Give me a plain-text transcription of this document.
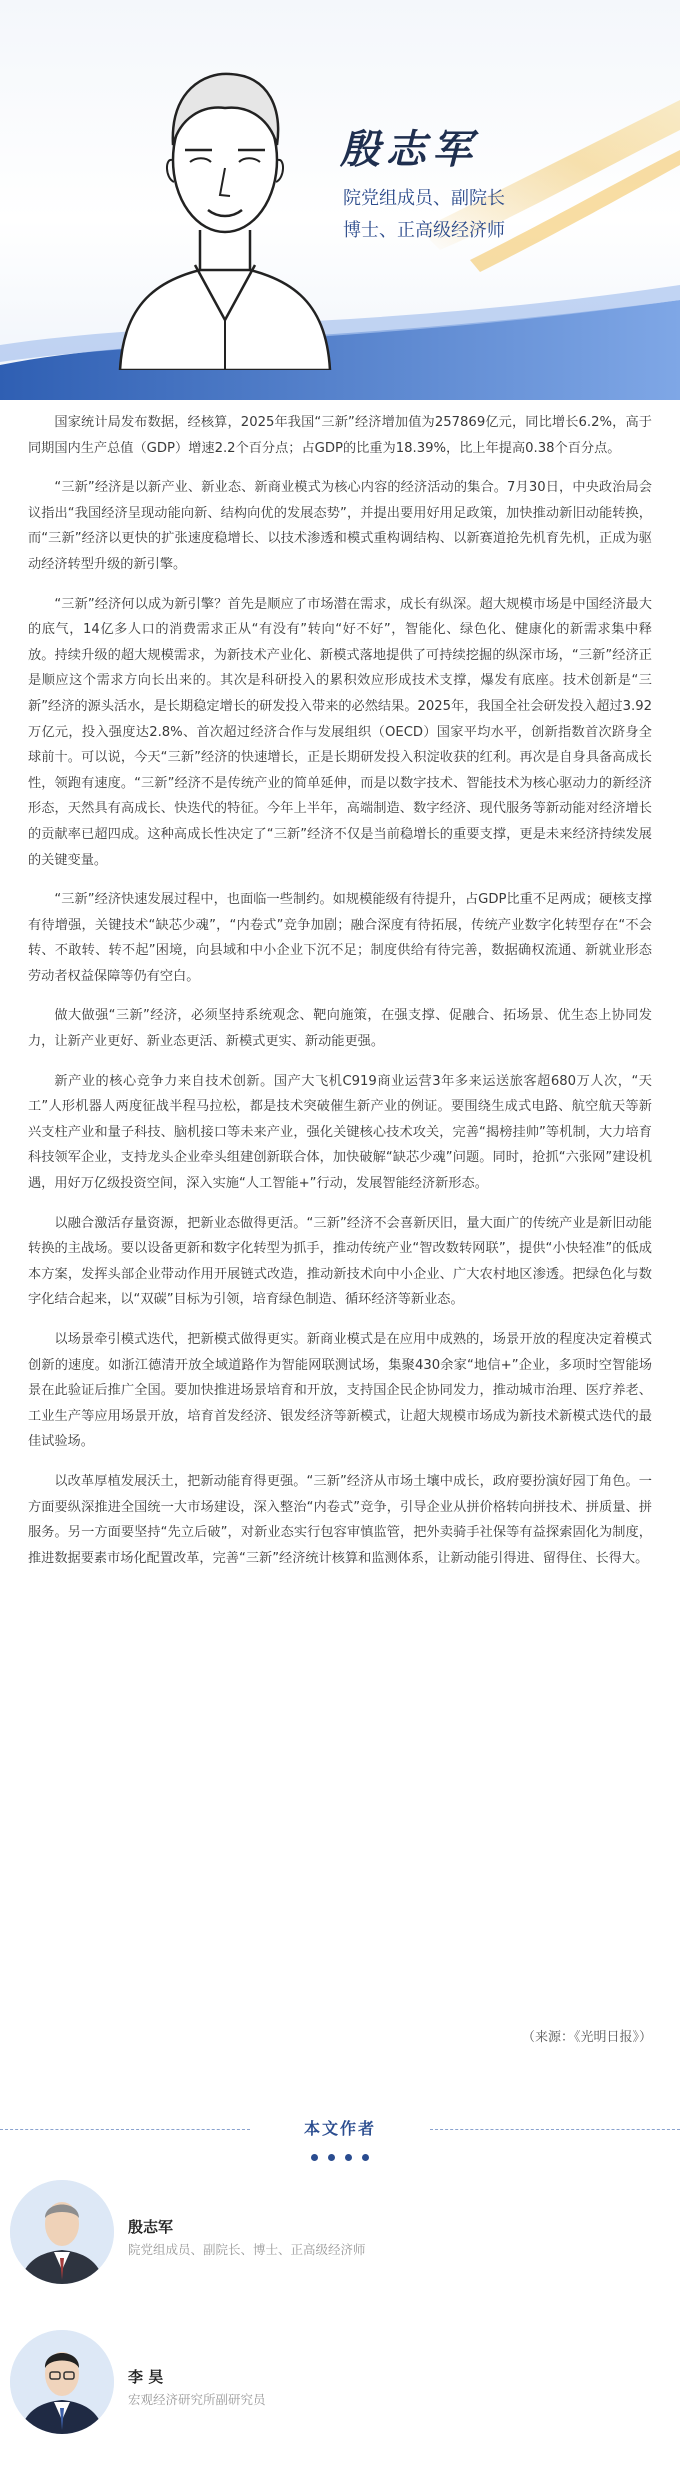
殷志军
院党组成员、副院长
博士、正高级经济师

国家统计局发布数据，经核算，2025年我国“三新”经济增加值为257869亿元，同比增长6.2%，高于同期国内生产总值（GDP）增速2.2个百分点；占GDP的比重为18.39%，比上年提高0.38个百分点。

“三新”经济是以新产业、新业态、新商业模式为核心内容的经济活动的集合。7月30日，中央政治局会议指出“我国经济呈现动能向新、结构向优的发展态势”，并提出要用好用足政策，加快推动新旧动能转换，而“三新”经济以更快的扩张速度稳增长、以技术渗透和模式重构调结构、以新赛道抢先机育先机，正成为驱动经济转型升级的新引擎。

“三新”经济何以成为新引擎？首先是顺应了市场潜在需求，成长有纵深。超大规模市场是中国经济最大的底气，14亿多人口的消费需求正从“有没有”转向“好不好”，智能化、绿色化、健康化的新需求集中释放。持续升级的超大规模需求，为新技术产业化、新模式落地提供了可持续挖掘的纵深市场，“三新”经济正是顺应这个需求方向长出来的。其次是科研投入的累积效应形成技术支撑，爆发有底座。技术创新是“三新”经济的源头活水，是长期稳定增长的研发投入带来的必然结果。2025年，我国全社会研发投入超过3.92万亿元，投入强度达2.8%、首次超过经济合作与发展组织（OECD）国家平均水平，创新指数首次跻身全球前十。可以说，今天“三新”经济的快速增长，正是长期研发投入积淀收获的红利。再次是自身具备高成长性，领跑有速度。“三新”经济不是传统产业的简单延伸，而是以数字技术、智能技术为核心驱动力的新经济形态，天然具有高成长、快迭代的特征。今年上半年，高端制造、数字经济、现代服务等新动能对经济增长的贡献率已超四成。这种高成长性决定了“三新”经济不仅是当前稳增长的重要支撑，更是未来经济持续发展的关键变量。

“三新”经济快速发展过程中，也面临一些制约。如规模能级有待提升，占GDP比重不足两成；硬核支撑有待增强，关键技术“缺芯少魂”，“内卷式”竞争加剧；融合深度有待拓展，传统产业数字化转型存在“不会转、不敢转、转不起”困境，向县域和中小企业下沉不足；制度供给有待完善，数据确权流通、新就业形态劳动者权益保障等仍有空白。

做大做强“三新”经济，必须坚持系统观念、靶向施策，在强支撑、促融合、拓场景、优生态上协同发力，让新产业更好、新业态更活、新模式更实、新动能更强。

新产业的核心竞争力来自技术创新。国产大飞机C919商业运营3年多来运送旅客超680万人次，“天工”人形机器人两度征战半程马拉松，都是技术突破催生新产业的例证。要围绕生成式电路、航空航天等新兴支柱产业和量子科技、脑机接口等未来产业，强化关键核心技术攻关，完善“揭榜挂帅”等机制，大力培育科技领军企业，支持龙头企业牵头组建创新联合体，加快破解“缺芯少魂”问题。同时，抢抓“六张网”建设机遇，用好万亿级投资空间，深入实施“人工智能+”行动，发展智能经济新形态。

以融合激活存量资源，把新业态做得更活。“三新”经济不会喜新厌旧，量大面广的传统产业是新旧动能转换的主战场。要以设备更新和数字化转型为抓手，推动传统产业“智改数转网联”，提供“小快轻准”的低成本方案，发挥头部企业带动作用开展链式改造，推动新技术向中小企业、广大农村地区渗透。把绿色化与数字化结合起来，以“双碳”目标为引领，培育绿色制造、循环经济等新业态。

以场景牵引模式迭代，把新模式做得更实。新商业模式是在应用中成熟的，场景开放的程度决定着模式创新的速度。如浙江德清开放全域道路作为智能网联测试场，集聚430余家“地信+”企业，多项时空智能场景在此验证后推广全国。要加快推进场景培育和开放，支持国企民企协同发力，推动城市治理、医疗养老、工业生产等应用场景开放，培育首发经济、银发经济等新模式，让超大规模市场成为新技术新模式迭代的最佳试验场。

以改革厚植发展沃土，把新动能育得更强。“三新”经济从市场土壤中成长，政府要扮演好园丁角色。一方面要纵深推进全国统一大市场建设，深入整治“内卷式”竞争，引导企业从拼价格转向拼技术、拼质量、拼服务。另一方面要坚持“先立后破”，对新业态实行包容审慎监管，把外卖骑手社保等有益探索固化为制度，推进数据要素市场化配置改革，完善“三新”经济统计核算和监测体系，让新动能引得进、留得住、长得大。

（来源：《光明日报》）
本文作者
殷志军
院党组成员、副院长、博士、正高级经济师
李 昊
宏观经济研究所副研究员
